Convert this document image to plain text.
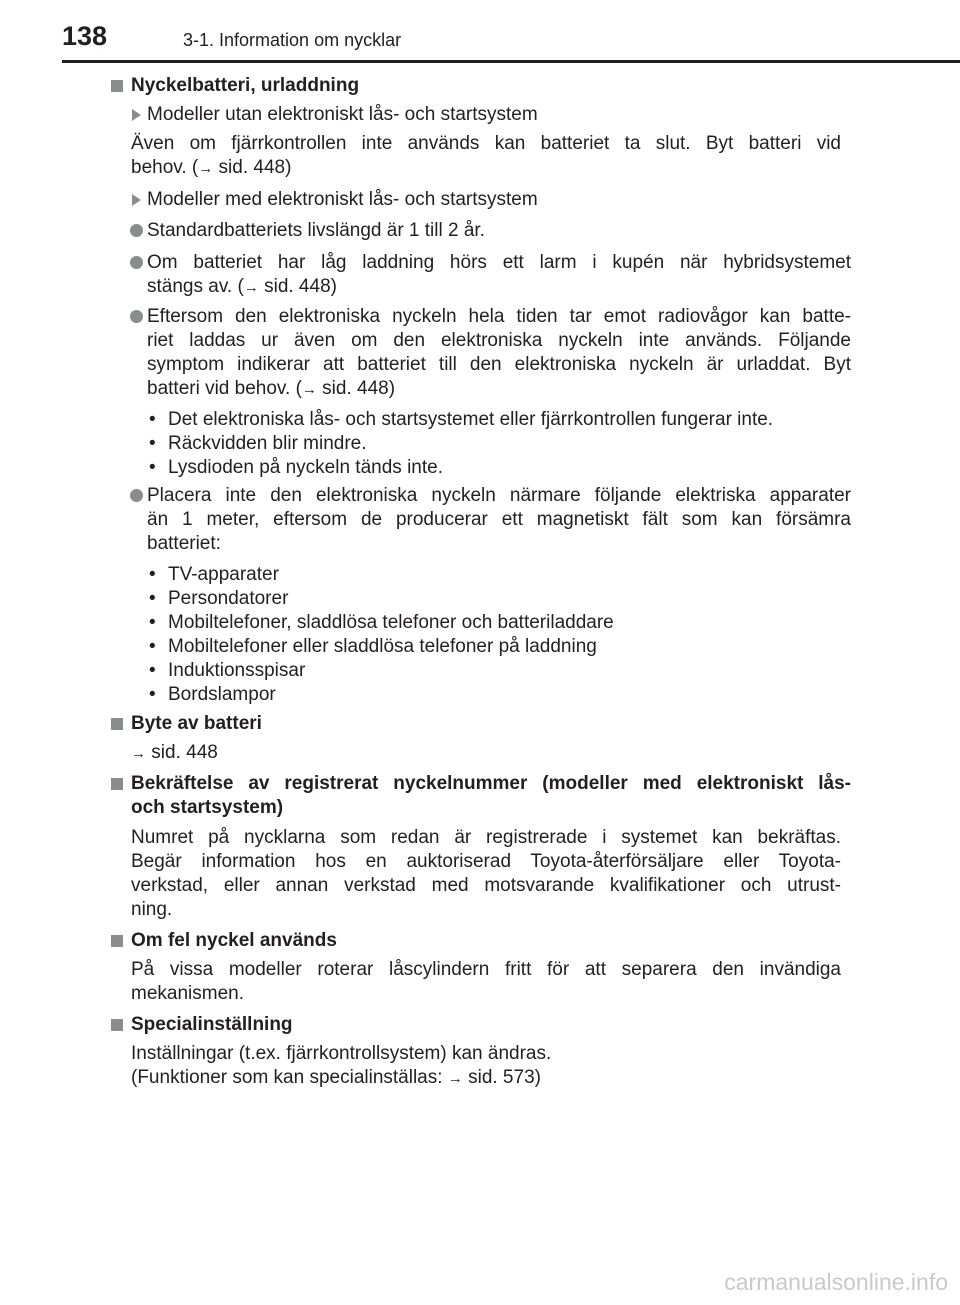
138	3-1. Information om nycklar
Nyckelbatteri, urladdning
Modeller utan elektroniskt lås- och startsystem
Även om fjärrkontrollen inte används kan batteriet ta slut. Byt batteri vid
behov. (→ sid. 448)
Modeller med elektroniskt lås- och startsystem
Standardbatteriets livslängd är 1 till 2 år.
Om batteriet har låg laddning hörs ett larm i kupén när hybridsystemet
stängs av. (→ sid. 448)
Eftersom den elektroniska nyckeln hela tiden tar emot radiovågor kan batte-
riet laddas ur även om den elektroniska nyckeln inte används. Följande
symptom indikerar att batteriet till den elektroniska nyckeln är urladdat. Byt
batteri vid behov. (→ sid. 448)
• Det elektroniska lås- och startsystemet eller fjärrkontrollen fungerar inte.
• Räckvidden blir mindre.
• Lysdioden på nyckeln tänds inte.
Placera inte den elektroniska nyckeln närmare följande elektriska apparater
än 1 meter, eftersom de producerar ett magnetiskt fält som kan försämra
batteriet:
• TV-apparater
• Persondatorer
• Mobiltelefoner, sladdlösa telefoner och batteriladdare
• Mobiltelefoner eller sladdlösa telefoner på laddning
• Induktionsspisar
• Bordslampor
Byte av batteri
→ sid. 448
Bekräftelse av registrerat nyckelnummer (modeller med elektroniskt lås-
och startsystem)
Numret på nycklarna som redan är registrerade i systemet kan bekräftas.
Begär information hos en auktoriserad Toyota-återförsäljare eller Toyota-
verkstad, eller annan verkstad med motsvarande kvalifikationer och utrust-
ning.
Om fel nyckel används
På vissa modeller roterar låscylindern fritt för att separera den invändiga
mekanismen.
Specialinställning
Inställningar (t.ex. fjärrkontrollsystem) kan ändras.
(Funktioner som kan specialinställas: → sid. 573)
carmanualsonline.info
